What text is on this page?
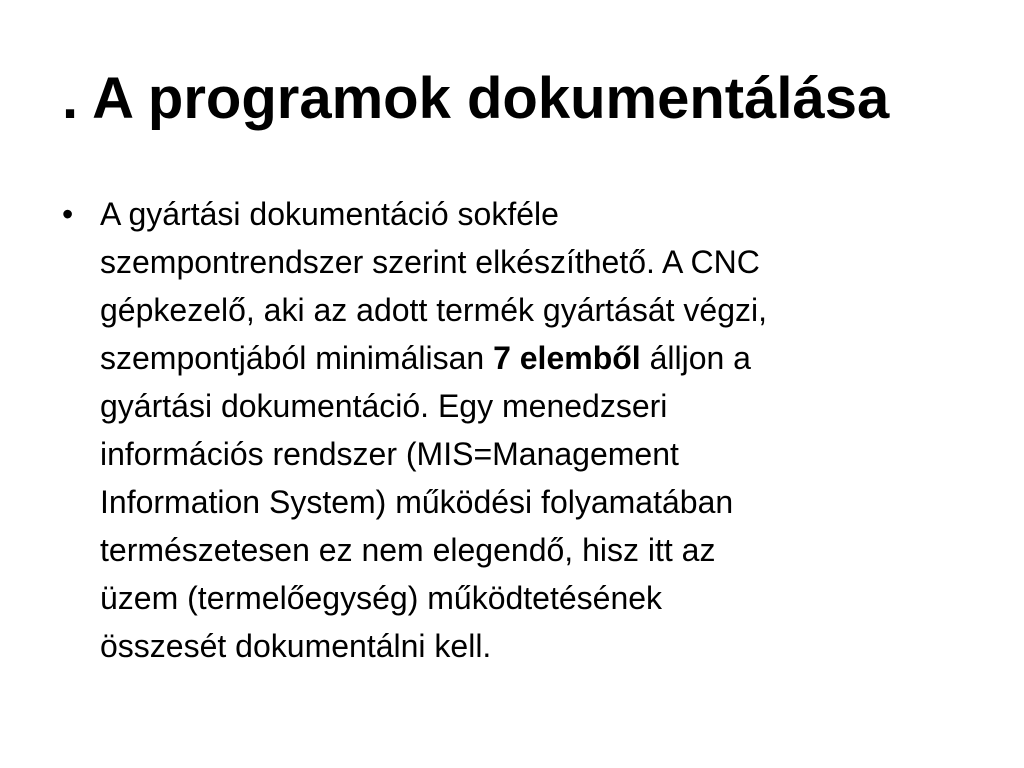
. A programok dokumentálása
• A gyártási dokumentáció sokféle
szempontrendszer szerint elkészíthető. A CNC
gépkezelő, aki az adott termék gyártását végzi,
szempontjából minimálisan 7 elemből álljon a
gyártási dokumentáció. Egy menedzseri
információs rendszer (MIS=Management
Information System) működési folyamatában
természetesen ez nem elegendő, hisz itt az
üzem (termelőegység) működtetésének
összesét dokumentálni kell.
